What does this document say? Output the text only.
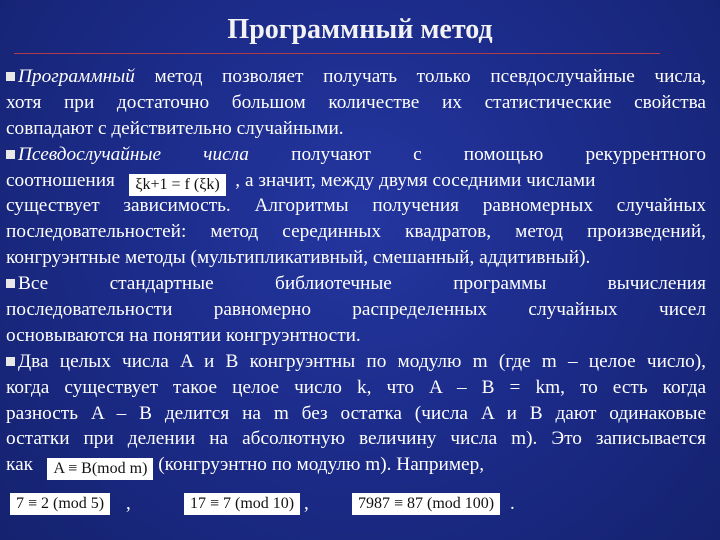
Программный метод
Программный метод позволяет получать только псевдослучайные числа,
хотя при достаточно большом количестве их статистические свойства
совпадают с действительно случайными.
Псевдослучайные числа получают с помощью рекуррентного
соотношения ξk+1 = f (ξk) , а значит, между двумя соседними числами
существует зависимость. Алгоритмы получения равномерных случайных
последовательностей: метод серединных квадратов, метод произведений,
конгруэнтные методы (мультипликативный, смешанный, аддитивный).
Все стандартные библиотечные программы вычисления
последовательности равномерно распределенных случайных чисел
основываются на понятии конгруэнтности.
Два целых числа A и B конгруэнтны по модулю m (где m – целое число),
когда существует такое целое число k, что A – B = km, то есть когда
разность A – B делится на m без остатка (числа A и B дают одинаковые
остатки при делении на абсолютную величину числа m). Это записывается
как A ≡ B(mod m) (конгруэнтно по модулю m). Например,
7 ≡ 2 (mod 5)	,	17 ≡ 7 (mod 10) ,	7987 ≡ 87 (mod 100) .
